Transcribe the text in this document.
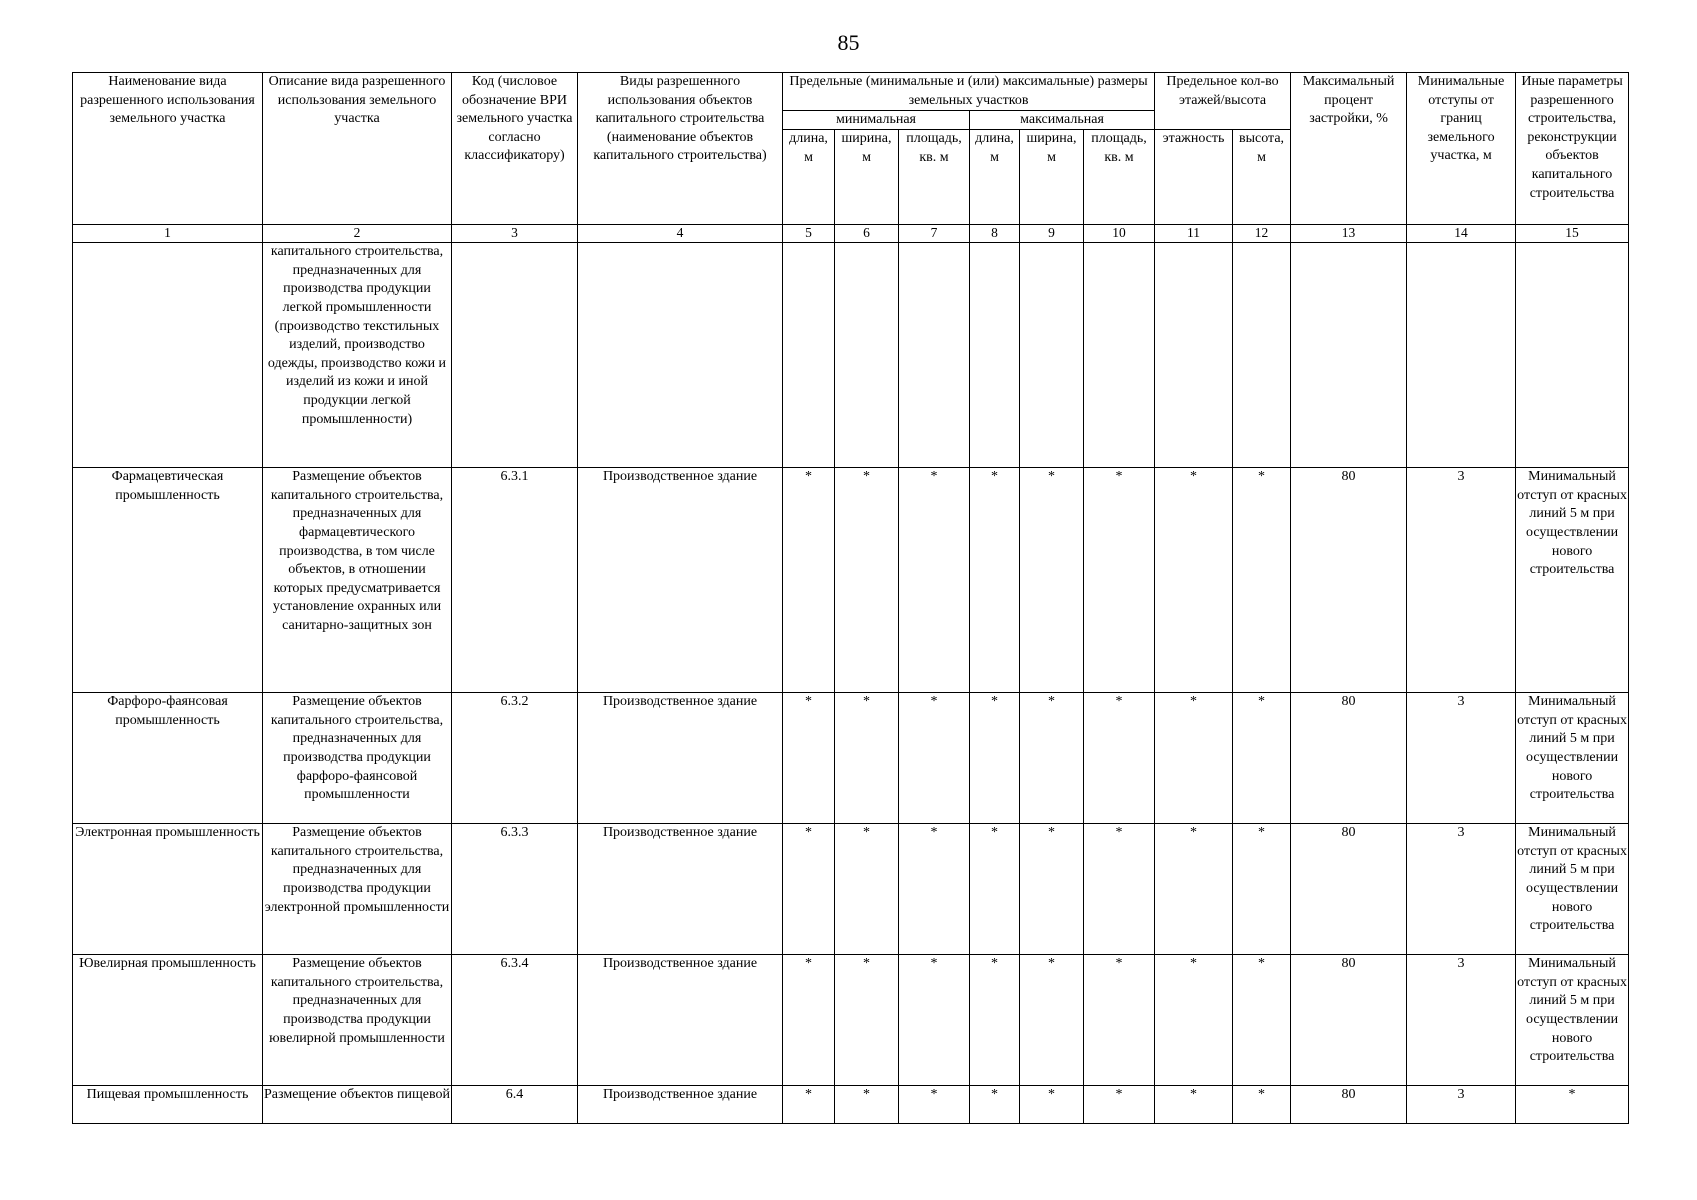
85
Наименование вида разрешенного использования земельного участка	Описание вида разрешенного использования земельного участка	Код (числовое обозначение ВРИ земельного участка согласно классификатору)	Виды разрешенного использования объектов капитального строительства (наименование объектов капитального строительства)	Предельные (минимальные и (или) максимальные) размеры земельных участков						Предельное кол-во этажей/высота		Максимальный процент застройки, %	Минимальные отступы от границ земельного участка, м	Иные параметры разрешенного строительства, реконструкции объектов капитального строительства
				минимальная			максимальная							
				длина, м	ширина, м	площадь, кв. м	длина, м	ширина, м	площадь, кв. м	этажность	высота, м			
1	2	3	4	5	6	7	8	9	10	11	12	13	14	15
	капитального строительства, предназначенных для производства продукции легкой промышленности (производство текстильных изделий, производство одежды, производство кожи и изделий из кожи и иной продукции легкой промышленности)													
Фармацевтическая промышленность	Размещение объектов капитального строительства, предназначенных для фармацевтического производства, в том числе объектов, в отношении которых предусматривается установление охранных или санитарно-защитных зон	6.3.1	Производственное здание	*	*	*	*	*	*	*	*	80	3	Минимальный отступ от красных линий 5 м при осуществлении нового строительства
Фарфоро-фаянсовая промышленность	Размещение объектов капитального строительства, предназначенных для производства продукции фарфоро-фаянсовой промышленности	6.3.2	Производственное здание	*	*	*	*	*	*	*	*	80	3	Минимальный отступ от красных линий 5 м при осуществлении нового строительства
Электронная промышленность	Размещение объектов капитального строительства, предназначенных для производства продукции электронной промышленности	6.3.3	Производственное здание	*	*	*	*	*	*	*	*	80	3	Минимальный отступ от красных линий 5 м при осуществлении нового строительства
Ювелирная промышленность	Размещение объектов капитального строительства, предназначенных для производства продукции ювелирной промышленности	6.3.4	Производственное здание	*	*	*	*	*	*	*	*	80	3	Минимальный отступ от красных линий 5 м при осуществлении нового строительства
Пищевая промышленность	Размещение объектов пищевой	6.4	Производственное здание	*	*	*	*	*	*	*	*	80	3	*
